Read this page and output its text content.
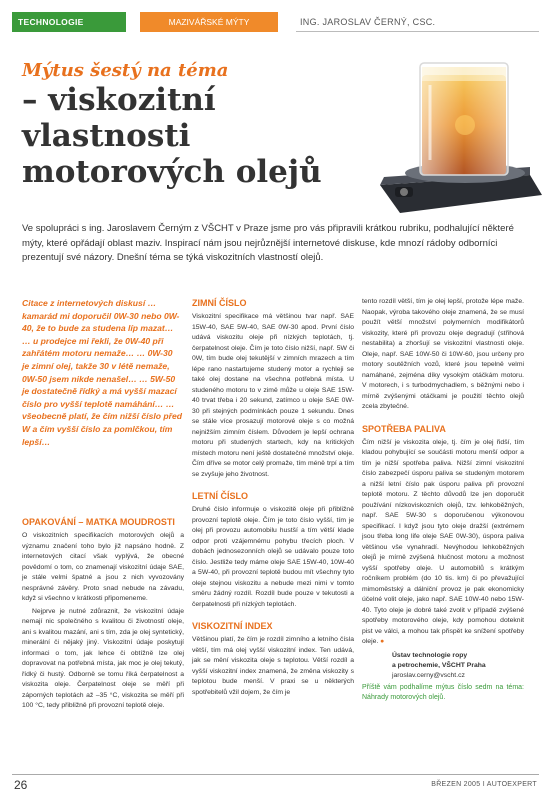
TECHNOLOGIE	MAZIVÁŘSKÉ MÝTY	ING. JAROSLAV ČERNÝ, CSC.
Mýtus šestý na téma
– viskozitní vlastnosti motorových olejů
Ve spolupráci s ing. Jaroslavem Černým z VŠCHT v Praze jsme pro vás připravili krátkou rubriku, podhalující některé mýty, které opřádají oblast maziv. Inspirací nám jsou nejrůznější internetové diskuse, kde mnozí rádoby odborníci prezentují své názory. Dnešní téma se týká viskozitních vlastností olejů.
Citace z internetových diskusí … kamarád mi doporučil 0W-30 nebo 0W-40, že to bude za studena líp mazat… … u prodejce mi řekli, že 0W-40 při zahřátém motoru nemaže… … 0W-30 je zimní olej, takže 30 v létě nemaže, 0W-50 jsem nikde nenašel… … 5W-50 je dostatečně řídký a má vyšší mazací číslo pro vyšší teplotě namáhání… … všeobecně platí, že čím nižší číslo před W a čím vyšší číslo za pomlčkou, tím lepší…
OPAKOVÁNÍ – MATKA MOUDROSTI

O viskozitních specifikacích motorových olejů a významu značení toho bylo již napsáno hodně. Z internetových citací však vyplývá, že obecné povědomí o tom, co znamenají viskozitní údaje SAE, je stále velmi špatné a jsou z nich vyvozovány nesprávné závěry. Proto snad nebude na závadu, když si všechno v krátkosti připomeneme.

Nejprve je nutné zdůraznit, že viskozitní údaje nemají nic společného s kvalitou či životností oleje, ani s kvalitou mazání, ani s tím, zda je olej syntetický, minerální či nějaký jiný. Viskozitní údaje poskytují informaci o tom, jak lehce či obtížně lze olej dopravovat na potřebná místa, jak moc je olej tekutý, řídký či hustý. Odborně se tomu říká čerpatelnost a viskozita oleje. Čerpatelnost oleje se měří při záporných teplotách až –35 °C, viskozita se měří při 100 °C, tedy přibližně při provozní teplotě oleje.

ZIMNÍ ČÍSLO

Viskozitní specifikace má většinou tvar např. SAE 15W-40, SAE 5W-40, SAE 0W-30 apod. První číslo udává viskozitu oleje při nízkých teplotách, tj. čerpatelnost oleje. Čím je toto číslo nižší, např. 5W či 0W, tím bude olej tekutější v zimních mrazech a tím lépe rano nastartujeme studený motor a rychleji se také olej dostane na všechna potřebná místa. U studeného motoru to v zimě může u oleje SAE 15W-40 trvat třeba i 20 sekund, zatímco u oleje SAE 0W-30 při stejných podmínkách pouze 1 sekundu. Dnes se stále více prosazují motorové oleje s co možná nejnižším zimním číslem. Důvodem je lepší ochrana motoru při studených startech, kdy na kritických místech motoru není ještě dostatečné množství oleje. Čím dříve se motor celý promaže, tím méně trpí a tím se zvyšuje jeho životnost.

LETNÍ ČÍSLO

Druhé číslo informuje o viskozitě oleje při přibližně provozní teplotě oleje. Čím je toto číslo vyšší, tím je olej při provozu automobilu hustší a tím větší klade odpor proti vzájemnému pohybu třecích ploch. V dobách jednosezonních olejů se udávalo pouze toto číslo. Jestliže tedy máme oleje SAE 15W-40, 10W-40 a 5W-40, při provozní teplotě budou mít všechny tyto oleje stejnou viskozitu a nebude mezi nimi v tomto směru žádný rozdíl. Rozdíl bude pouze v tekutosti a čerpatelnosti při nízkých teplotách.

VISKOZITNÍ INDEX

Většinou platí, že čím je rozdíl zimního a letního čísla větší, tím má olej vyšší viskozitní index. Ten udává, jak se mění viskozita oleje s teplotou. Větší rozdíl a vyšší viskozitní index znamená, že změna viskozity s teplotou bude menší. V praxi se u některých spotřebitelů vžil dojem, že čím je

tento rozdíl větší, tím je olej lepší, protože lépe maže. Naopak, výroba takového oleje znamená, že se musí použít větší množství polymerních modifikátorů viskozity, které při provozu oleje degradují (střihová nestabilita) a zhoršují se viskozitní vlastnosti oleje. Oleje, např. SAE 10W-50 či 10W-60, jsou určeny pro motory soutěžních vozů, které jsou tepelně velmi namáhané, zejména díky vysokým otáčkám motoru. V motorech, i s turbodmychadlem, s běžnými nebo i mírně zvýšenými otáčkami je použití těchto olejů zcela zbytečné.

SPOTŘEBA PALIVA

Čím nižší je viskozita oleje, tj. čím je olej řidší, tím kladou pohybující se součásti motoru menší odpor a tím je nižší spotřeba paliva. Nižší zimní viskozitní číslo zabezpečí úsporu paliva se studeným motorem a nižší letní číslo pak úsporu paliva při provozní teplotě motoru. Z těchto důvodů lze jen doporučit používání nízkoviskozních olejů, tzv. lehkoběžných, např. SAE 5W-30 s doporučenou výkonovou specifikací. I když jsou tyto oleje dražší (extrémem jsou třeba long life oleje SAE 0W-30), úspora paliva většinou vše vynahradí. Nevýhodou lehkoběžných olejů je mírně zvýšená hlučnost motoru a možnost vyšší spotřeby oleje. U automobilů s krátkým ročníkem problém (do 10 tis. km) či po převažující mimoměstský a dálniční provoz je pak ekonomicky účelné volit oleje, jako např. SAE 10W-40 nebo 15W-40. Tyto oleje je dobré také zvolit v případě zvýšené spotřeby motorového oleje, kdy pomohou doteknit pist ve válci, a mohou tak přispět ke snížení spotřeby oleje. ●

Ústav technologie ropy
a petrochemie, VŠCHT Praha
jaroslav.cerny@vscht.cz
Příště vám podhalíme mýtus číslo sedm na téma: Náhrady motorových olejů.
26	BŘEZEN 2005 I AUTOEXPERT
